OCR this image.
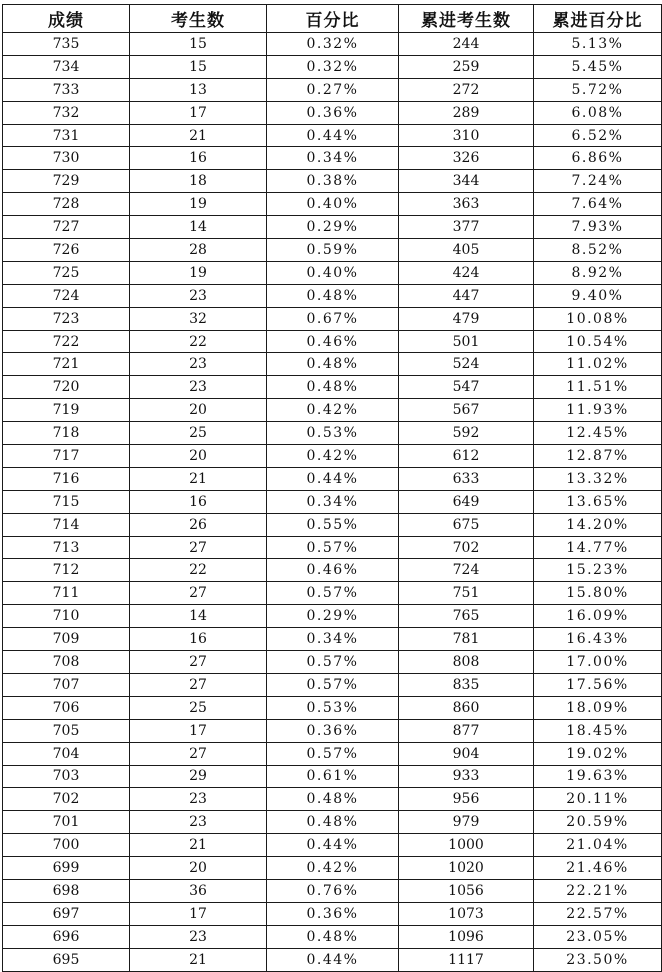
成绩	考生数	百分比	累进考生数	累进百分比
735	15	0.32%	244	5.13%
734	15	0.32%	259	5.45%
733	13	0.27%	272	5.72%
732	17	0.36%	289	6.08%
731	21	0.44%	310	6.52%
730	16	0.34%	326	6.86%
729	18	0.38%	344	7.24%
728	19	0.40%	363	7.64%
727	14	0.29%	377	7.93%
726	28	0.59%	405	8.52%
725	19	0.40%	424	8.92%
724	23	0.48%	447	9.40%
723	32	0.67%	479	10.08%
722	22	0.46%	501	10.54%
721	23	0.48%	524	11.02%
720	23	0.48%	547	11.51%
719	20	0.42%	567	11.93%
718	25	0.53%	592	12.45%
717	20	0.42%	612	12.87%
716	21	0.44%	633	13.32%
715	16	0.34%	649	13.65%
714	26	0.55%	675	14.20%
713	27	0.57%	702	14.77%
712	22	0.46%	724	15.23%
711	27	0.57%	751	15.80%
710	14	0.29%	765	16.09%
709	16	0.34%	781	16.43%
708	27	0.57%	808	17.00%
707	27	0.57%	835	17.56%
706	25	0.53%	860	18.09%
705	17	0.36%	877	18.45%
704	27	0.57%	904	19.02%
703	29	0.61%	933	19.63%
702	23	0.48%	956	20.11%
701	23	0.48%	979	20.59%
700	21	0.44%	1000	21.04%
699	20	0.42%	1020	21.46%
698	36	0.76%	1056	22.21%
697	17	0.36%	1073	22.57%
696	23	0.48%	1096	23.05%
695	21	0.44%	1117	23.50%
